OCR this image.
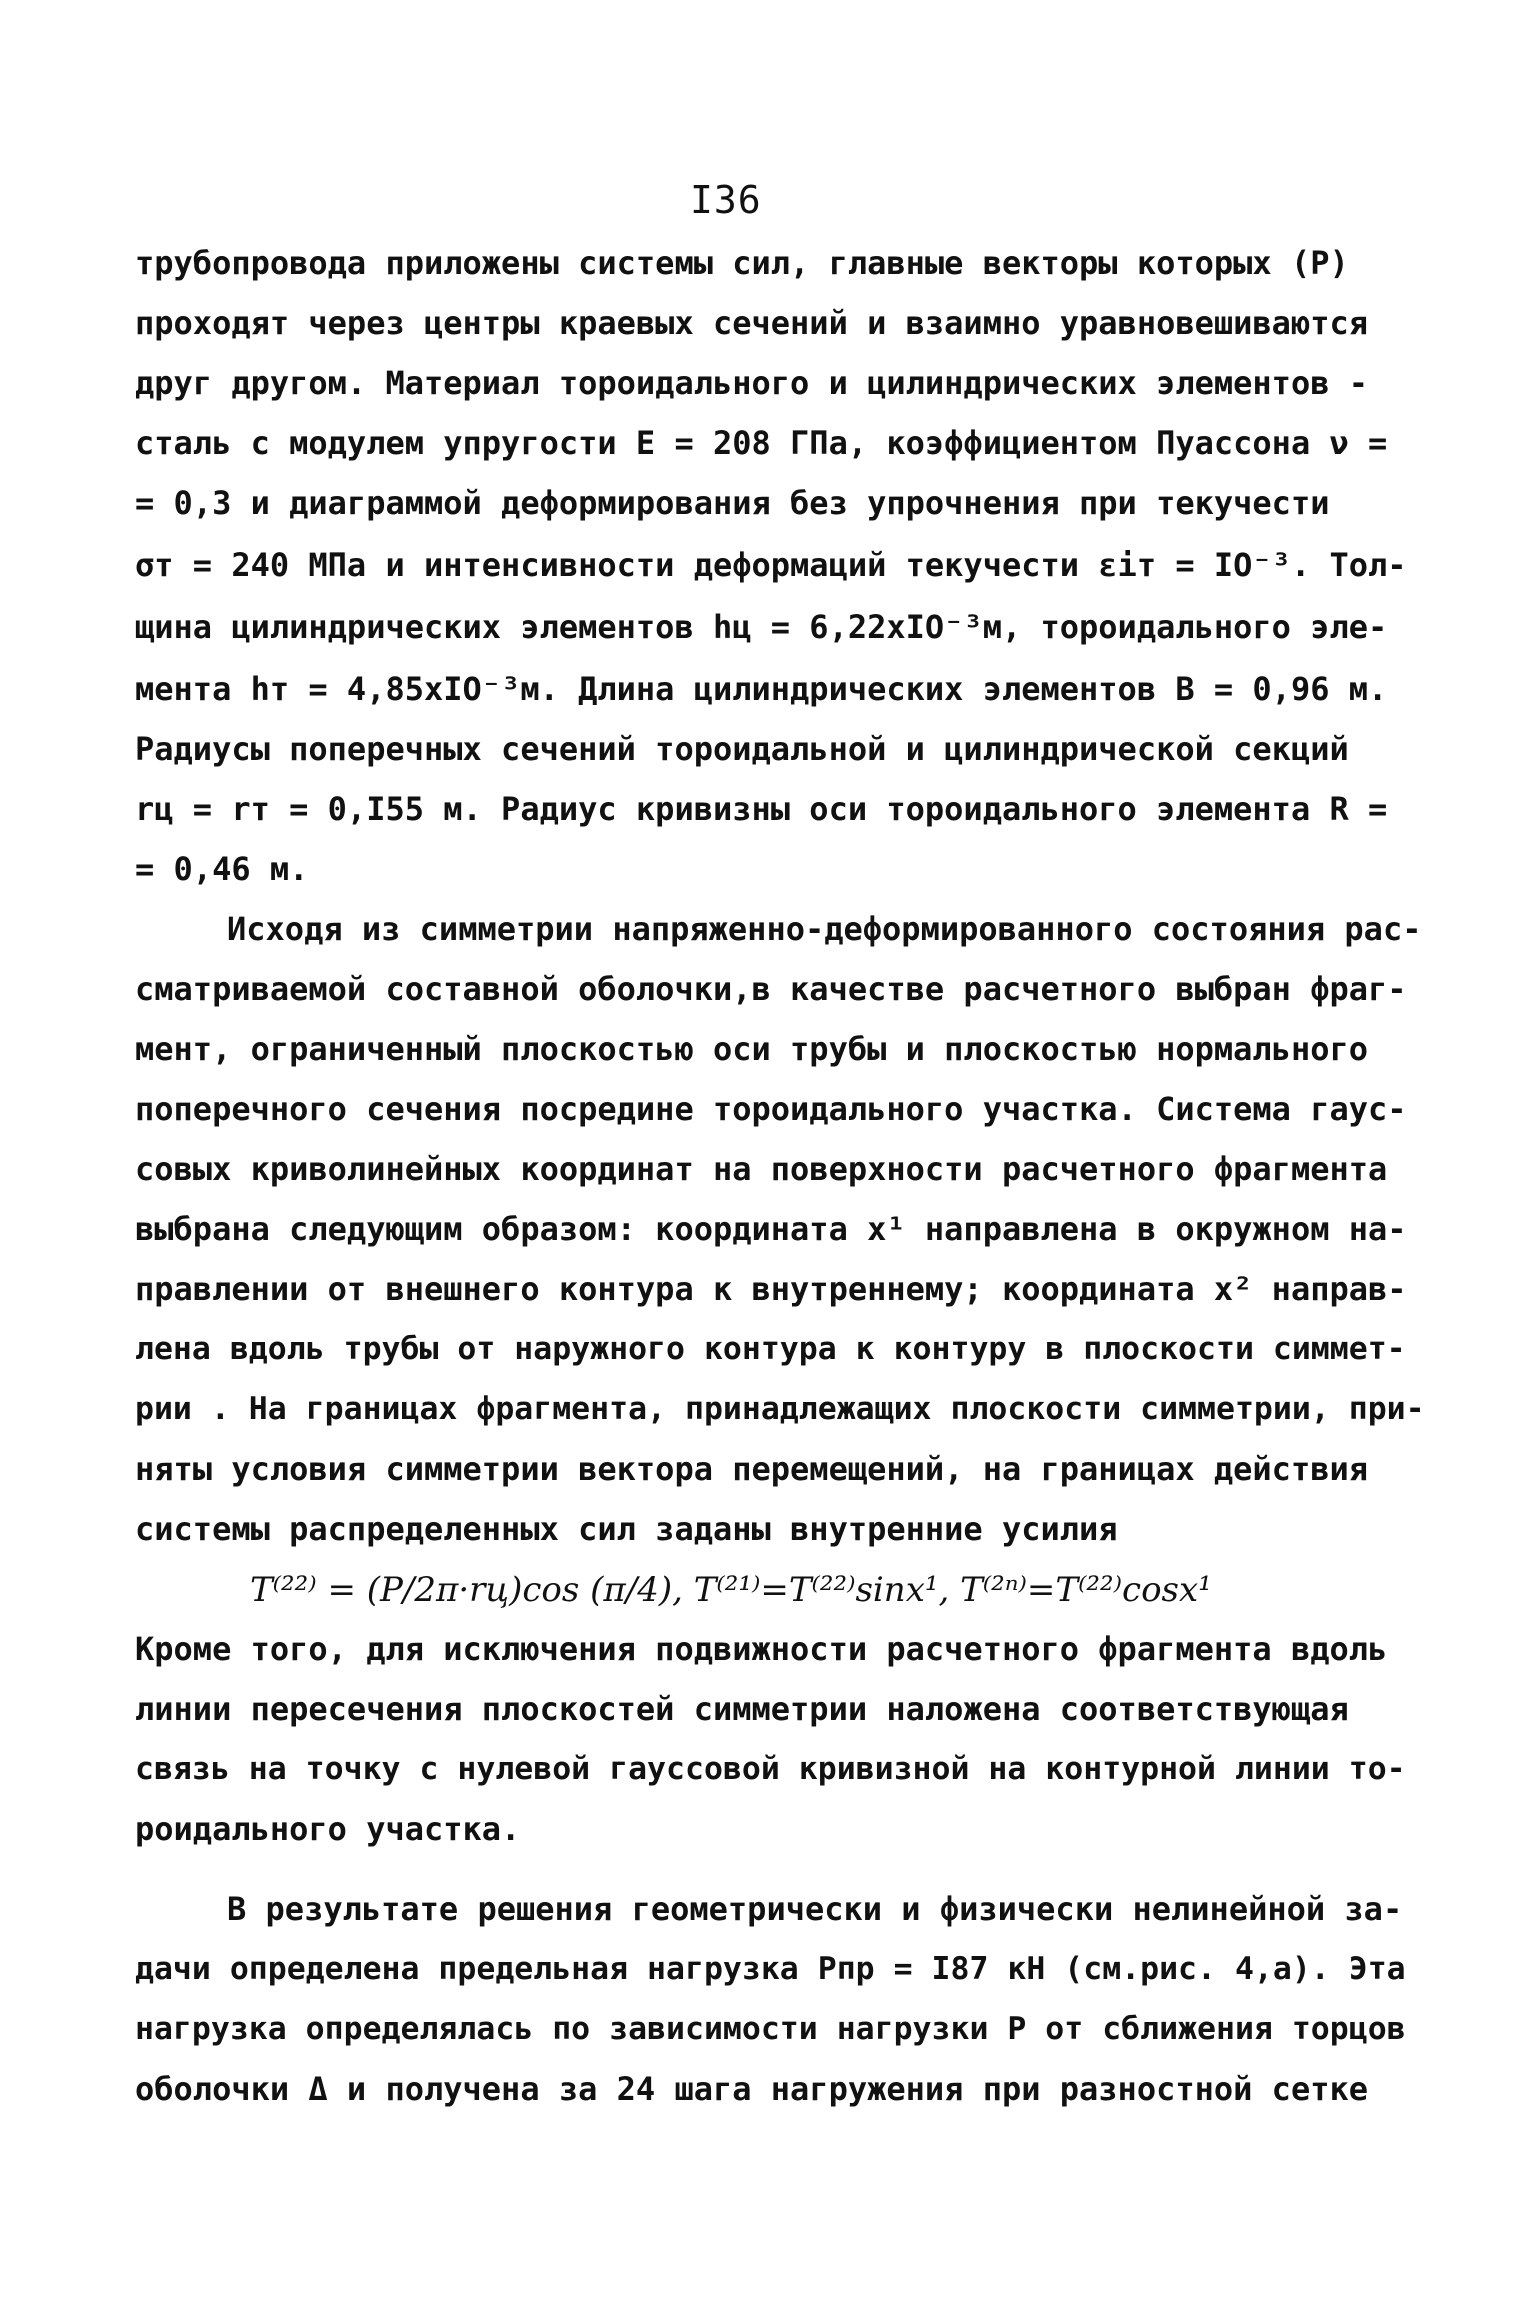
I36
трубопровода приложены системы сил, главные векторы которых (Р)
проходят через центры краевых сечений и взаимно уравновешиваются
друг другом. Материал тороидального и цилиндрических элементов -
сталь с модулем упругости Е = 208 ГПа, коэффициентом Пуассона ν =
= 0,3 и диаграммой деформирования без упрочнения при текучести
σт = 240 МПа и интенсивности деформаций текучести εiт = IO⁻³. Тол-
щина цилиндрических элементов hц = 6,22xIO⁻³м, тороидального эле-
мента hт = 4,85xIO⁻³м. Длина цилиндрических элементов В = 0,96 м.
Радиусы поперечных сечений тороидальной и цилиндрической секций
rц = rт = 0,I55 м. Радиус кривизны оси тороидального элемента R =
= 0,46 м.
Исходя из симметрии напряженно-деформированного состояния рас-
сматриваемой составной оболочки,в качестве расчетного выбран фраг-
мент, ограниченный плоскостью оси трубы и плоскостью нормального
поперечного сечения посредине тороидального участка. Система гаус-
совых криволинейных координат на поверхности расчетного фрагмента
выбрана следующим образом: координата x¹ направлена в окружном на-
правлении от внешнего контура к внутреннему; координата x² направ-
лена вдоль трубы от наружного контура к контуру в плоскости симмет-
рии . На границах фрагмента, принадлежащих плоскости симметрии, при-
няты условия симметрии вектора перемещений, на границах действия
системы распределенных сил заданы внутренние усилия
T⁽²²⁾ = (P/2π·rц)cos (π/4), T⁽²¹⁾=T⁽²²⁾sinx¹, T⁽²ⁿ⁾=T⁽²²⁾cosx¹
Кроме того, для исключения подвижности расчетного фрагмента вдоль
линии пересечения плоскостей симметрии наложена соответствующая
связь на точку с нулевой гауссовой кривизной на контурной линии то-
роидального участка.
В результате решения геометрически и физически нелинейной за-
дачи определена предельная нагрузка Рпр = I87 кН (см.рис. 4,а). Эта
нагрузка определялась по зависимости нагрузки Р от сближения торцов
оболочки Δ и получена за 24 шага нагружения при разностной сетке
